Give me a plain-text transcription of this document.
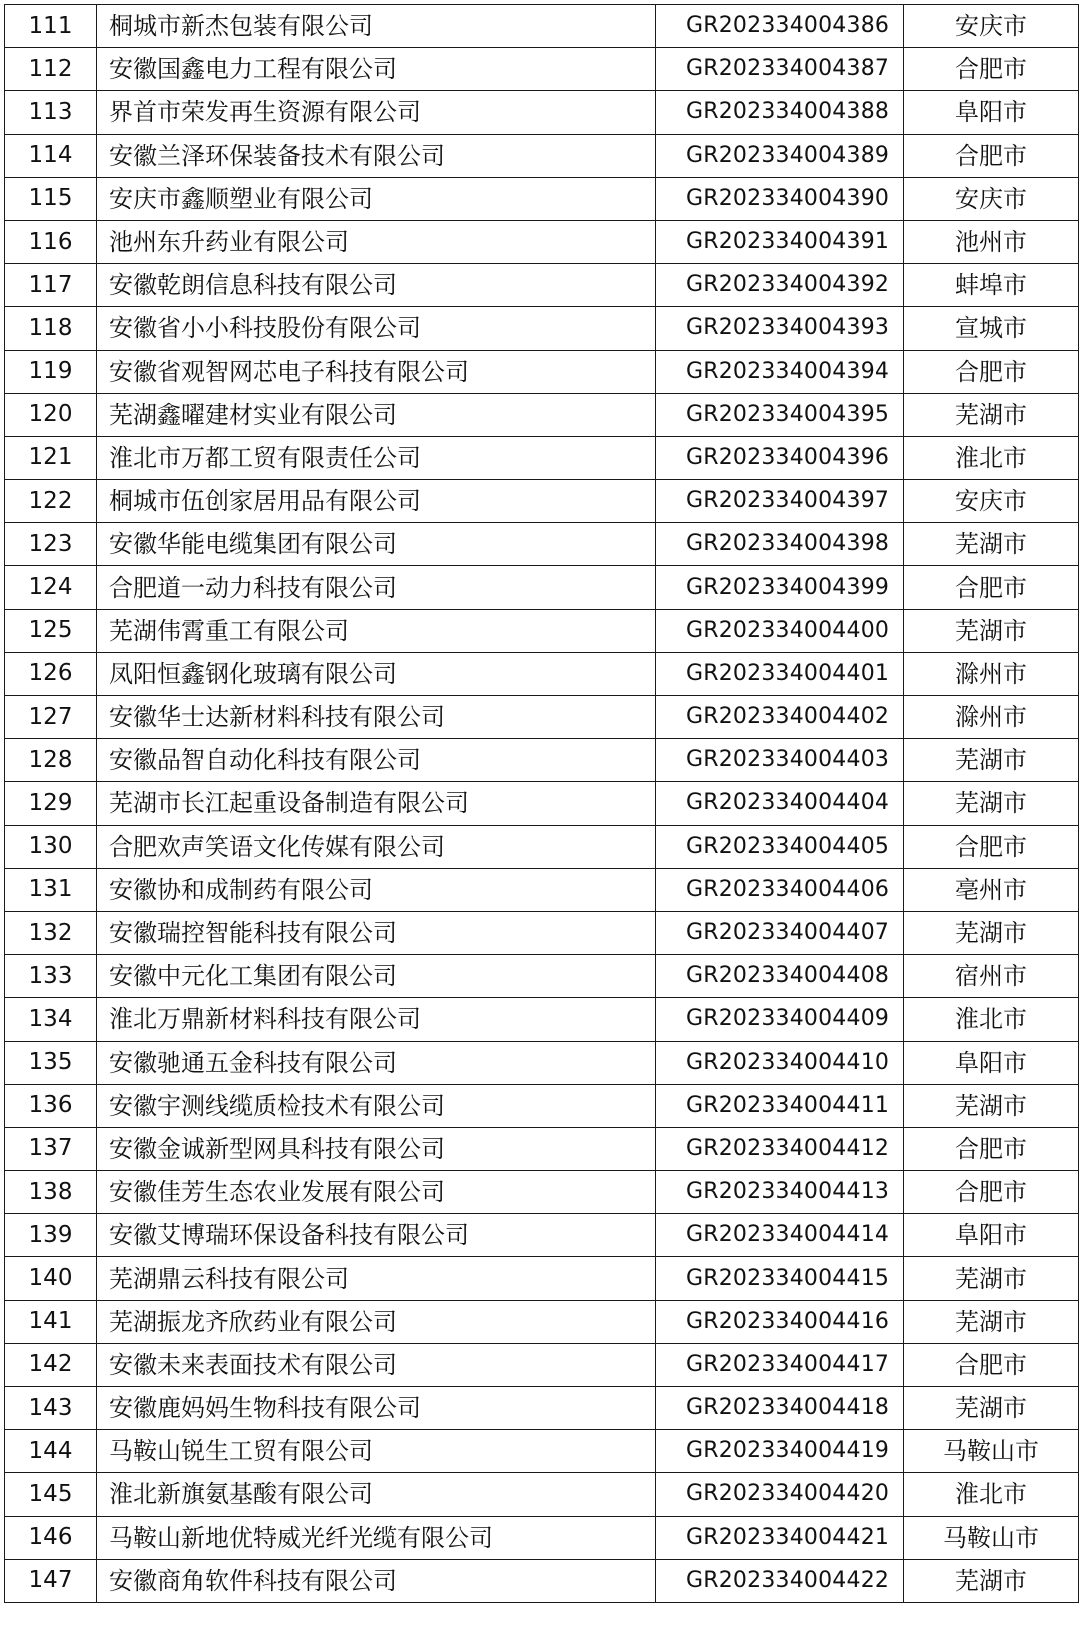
111	桐城市新杰包装有限公司	GR202334004386	安庆市
112	安徽国鑫电力工程有限公司	GR202334004387	合肥市
113	界首市荣发再生资源有限公司	GR202334004388	阜阳市
114	安徽兰泽环保装备技术有限公司	GR202334004389	合肥市
115	安庆市鑫顺塑业有限公司	GR202334004390	安庆市
116	池州东升药业有限公司	GR202334004391	池州市
117	安徽乾朗信息科技有限公司	GR202334004392	蚌埠市
118	安徽省小小科技股份有限公司	GR202334004393	宣城市
119	安徽省观智网芯电子科技有限公司	GR202334004394	合肥市
120	芜湖鑫曜建材实业有限公司	GR202334004395	芜湖市
121	淮北市万都工贸有限责任公司	GR202334004396	淮北市
122	桐城市伍创家居用品有限公司	GR202334004397	安庆市
123	安徽华能电缆集团有限公司	GR202334004398	芜湖市
124	合肥道一动力科技有限公司	GR202334004399	合肥市
125	芜湖伟霄重工有限公司	GR202334004400	芜湖市
126	凤阳恒鑫钢化玻璃有限公司	GR202334004401	滁州市
127	安徽华士达新材料科技有限公司	GR202334004402	滁州市
128	安徽品智自动化科技有限公司	GR202334004403	芜湖市
129	芜湖市长江起重设备制造有限公司	GR202334004404	芜湖市
130	合肥欢声笑语文化传媒有限公司	GR202334004405	合肥市
131	安徽协和成制药有限公司	GR202334004406	亳州市
132	安徽瑞控智能科技有限公司	GR202334004407	芜湖市
133	安徽中元化工集团有限公司	GR202334004408	宿州市
134	淮北万鼎新材料科技有限公司	GR202334004409	淮北市
135	安徽驰通五金科技有限公司	GR202334004410	阜阳市
136	安徽宇测线缆质检技术有限公司	GR202334004411	芜湖市
137	安徽金诚新型网具科技有限公司	GR202334004412	合肥市
138	安徽佳芳生态农业发展有限公司	GR202334004413	合肥市
139	安徽艾博瑞环保设备科技有限公司	GR202334004414	阜阳市
140	芜湖鼎云科技有限公司	GR202334004415	芜湖市
141	芜湖振龙齐欣药业有限公司	GR202334004416	芜湖市
142	安徽未来表面技术有限公司	GR202334004417	合肥市
143	安徽鹿妈妈生物科技有限公司	GR202334004418	芜湖市
144	马鞍山锐生工贸有限公司	GR202334004419	马鞍山市
145	淮北新旗氨基酸有限公司	GR202334004420	淮北市
146	马鞍山新地优特威光纤光缆有限公司	GR202334004421	马鞍山市
147	安徽商角软件科技有限公司	GR202334004422	芜湖市
